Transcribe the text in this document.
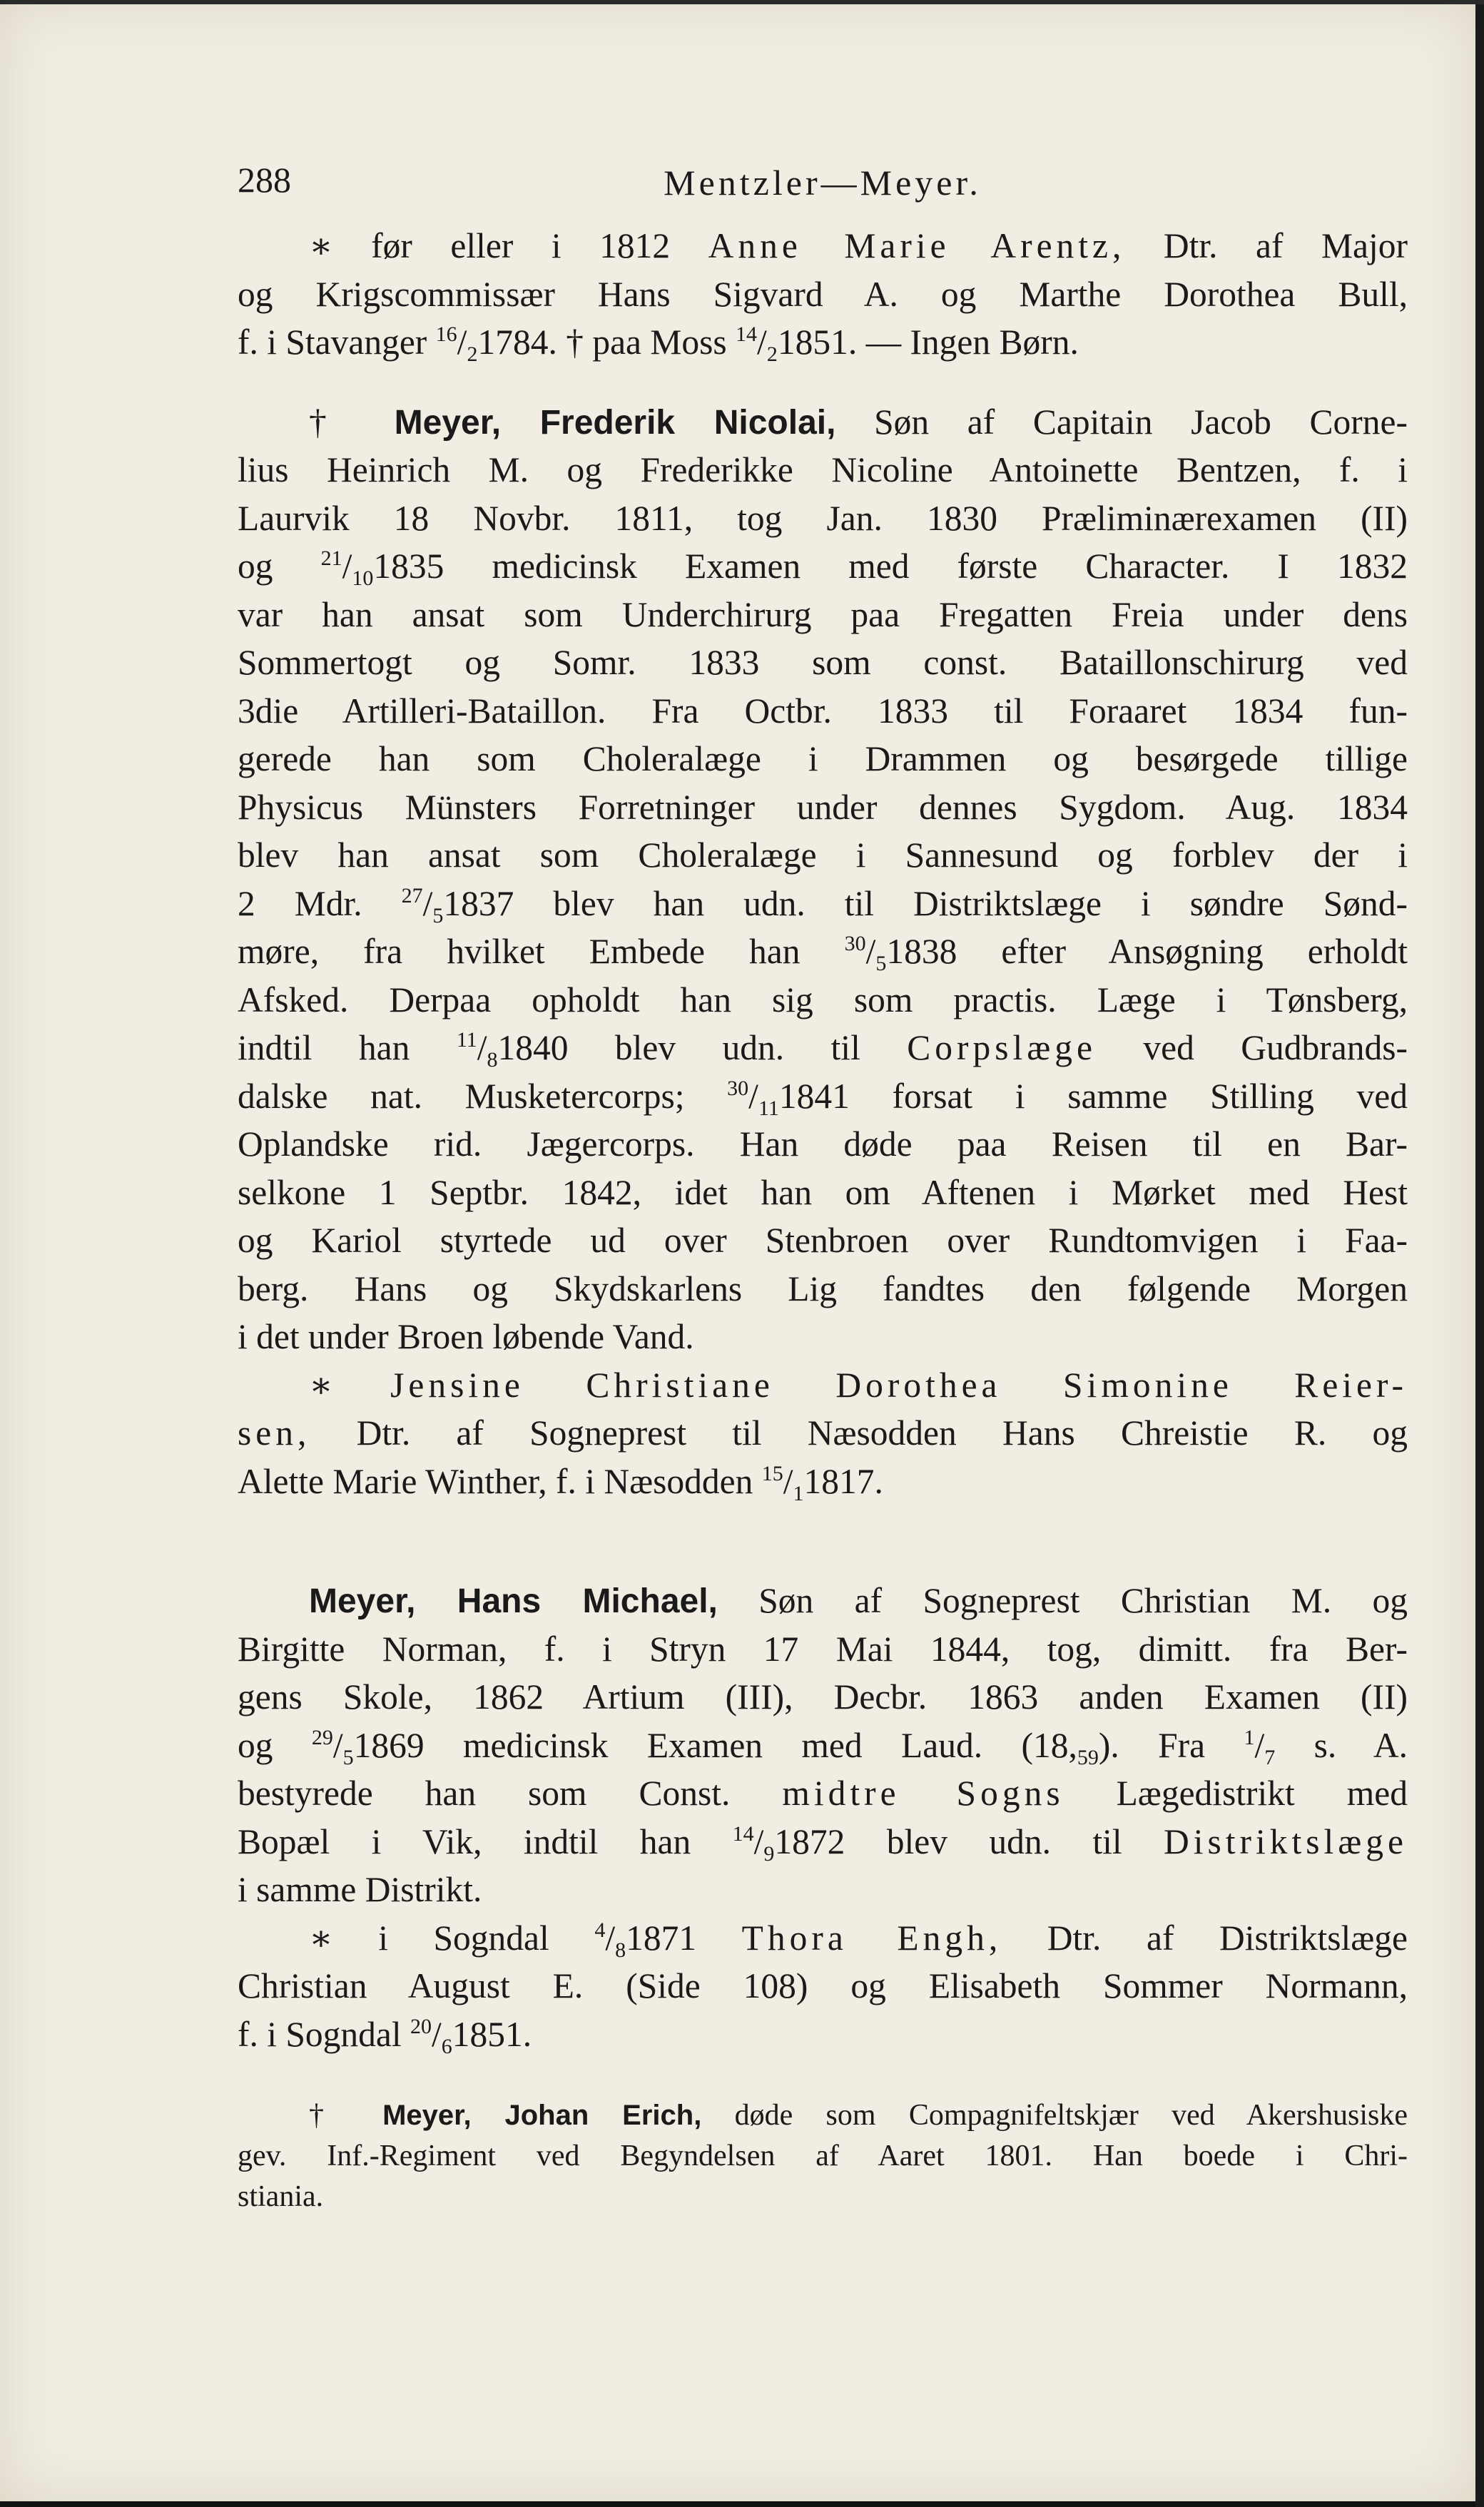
288	Mentzler—Meyer.
∗ før eller i 1812 Anne Marie Arentz, Dtr. af Major
og Krigscommissær Hans Sigvard A. og Marthe Dorothea Bull,
f. i Stavanger $^{16}/_21784$. † paa Moss $^{14}/_21851$. — Ingen Børn.
† Meyer, Frederik Nicolai, Søn af Capitain Jacob Corne-
lius Heinrich M. og Frederikke Nicoline Antoinette Bentzen, f. i
Laurvik 18 Novbr. 1811, tog Jan. 1830 Præliminærexamen (II)
og $^{21}/_{10}1835$ medicinsk Examen med første Character. I 1832
var han ansat som Underchirurg paa Fregatten Freia under dens
Sommertogt og Somr. 1833 som const. Bataillonschirurg ved
3die Artilleri-Bataillon. Fra Octbr. 1833 til Foraaret 1834 fun-
gerede han som Choleralæge i Drammen og besørgede tillige
Physicus Münsters Forretninger under dennes Sygdom. Aug. 1834
blev han ansat som Choleralæge i Sannesund og forblev der i
2 Mdr. $^{27}/_51837$ blev han udn. til Distriktslæge i søndre Sønd-
møre, fra hvilket Embede han $^{30}/_51838$ efter Ansøgning erholdt
Afsked. Derpaa opholdt han sig som practis. Læge i Tønsberg,
indtil han $^{11}/_81840$ blev udn. til Corpslæge ved Gudbrands-
dalske nat. Musketercorps; $^{30}/_{11}1841$ forsat i samme Stilling ved
Oplandske rid. Jægercorps. Han døde paa Reisen til en Bar-
selkone 1 Septbr. 1842, idet han om Aftenen i Mørket med Hest
og Kariol styrtede ud over Stenbroen over Rundtomvigen i Faa-
berg. Hans og Skydskarlens Lig fandtes den følgende Morgen
i det under Broen løbende Vand.
∗ Jensine Christiane Dorothea Simonine Reier-
sen, Dtr. af Sogneprest til Næsodden Hans Chreistie R. og
Alette Marie Winther, f. i Næsodden $^{15}/_11817$.
Meyer, Hans Michael, Søn af Sogneprest Christian M. og
Birgitte Norman, f. i Stryn 17 Mai 1844, tog, dimitt. fra Ber-
gens Skole, 1862 Artium (III), Decbr. 1863 anden Examen (II)
og $^{29}/_51869$ medicinsk Examen med Laud. $(18,_{59})$. Fra $^1/_7$ s. A.
bestyrede han som Const. midtre Sogns Lægedistrikt med
Bopæl i Vik, indtil han $^{14}/_91872$ blev udn. til Distriktslæge
i samme Distrikt.
∗ i Sogndal $^4/_81871$ Thora Engh, Dtr. af Distriktslæge
Christian August E. (Side 108) og Elisabeth Sommer Normann,
f. i Sogndal $^{20}/_61851$.
† Meyer, Johan Erich, døde som Compagnifeltskjær ved Akershusiske
gev. Inf.-Regiment ved Begyndelsen af Aaret 1801. Han boede i Chri-
stiania.
